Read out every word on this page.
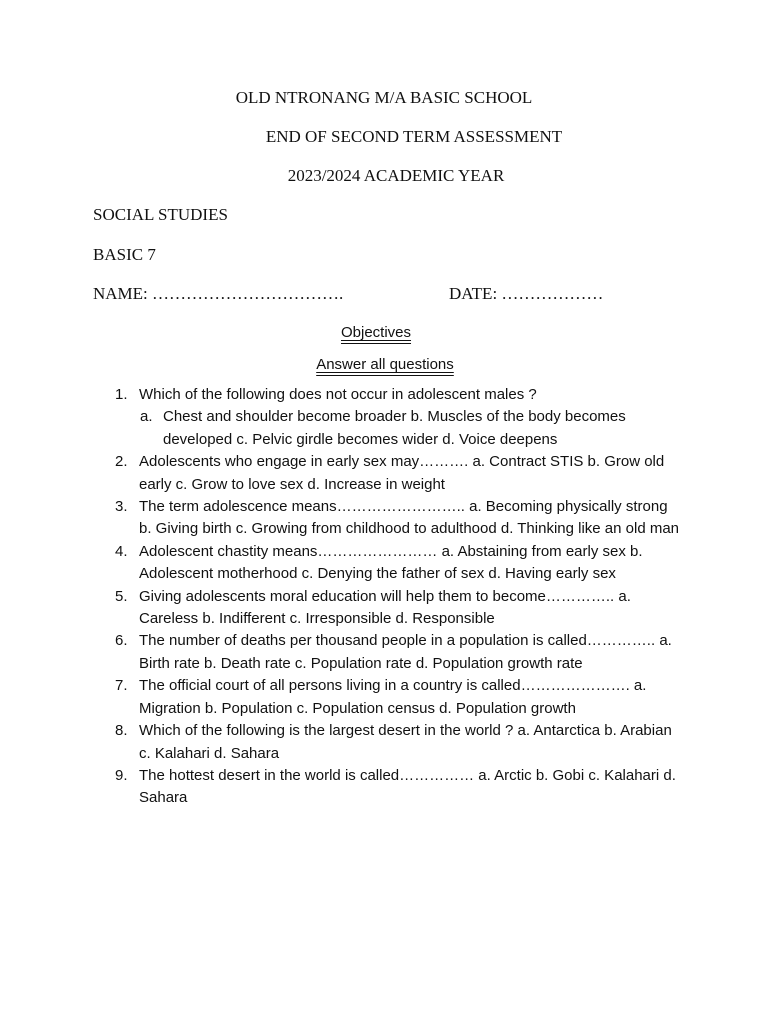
OLD NTRONANG M/A BASIC SCHOOL
END OF SECOND TERM ASSESSMENT
2023/2024 ACADEMIC YEAR
SOCIAL STUDIES
BASIC 7
NAME: …………………………….	DATE: ………………
Objectives
Answer all questions
1. Which of the following does not occur in adolescent males ?
a. Chest and shoulder become broader b. Muscles of the body becomes developed c. Pelvic girdle becomes wider d. Voice deepens
2. Adolescents who engage in early sex may………. a. Contract STIS b. Grow old early c. Grow to love sex d. Increase in weight
3. The term adolescence means…………………….. a. Becoming physically strong b. Giving birth c. Growing from childhood to adulthood d. Thinking like an old man
4. Adolescent chastity means…………………… a. Abstaining from early sex b. Adolescent motherhood c. Denying the father of sex d. Having early sex
5. Giving adolescents moral education will help them to become………….. a. Careless b. Indifferent c. Irresponsible d. Responsible
6. The number of deaths per thousand people in a population is called………….. a. Birth rate b. Death rate c. Population rate d. Population growth rate
7. The official court of all persons living in a country is called…………………. a. Migration b. Population c. Population census d. Population growth
8. Which of the following is the largest desert in the world ? a. Antarctica b. Arabian c. Kalahari d. Sahara
9. The hottest desert in the world is called…………… a. Arctic b. Gobi c. Kalahari d. Sahara
